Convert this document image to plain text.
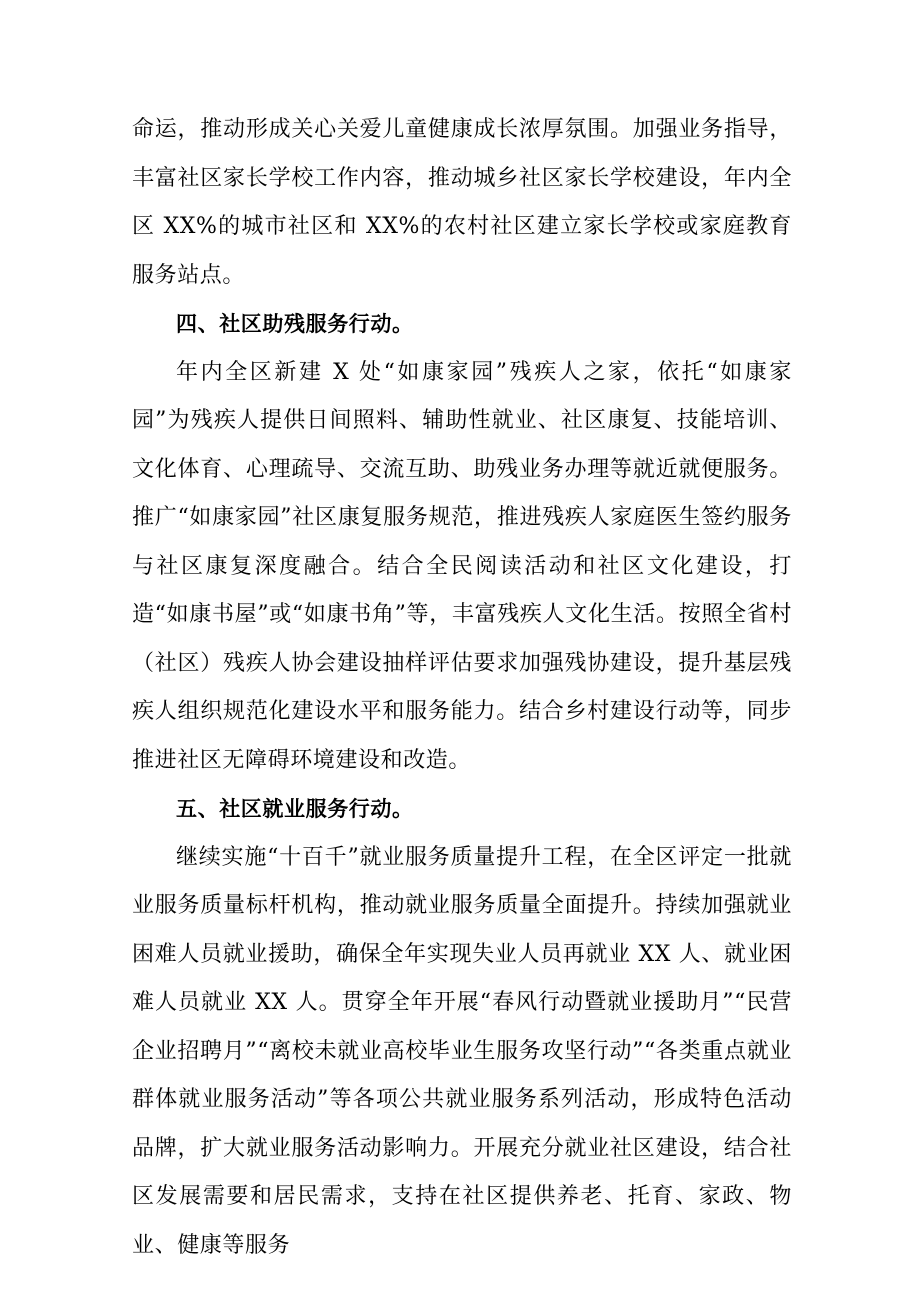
命运，推动形成关心关爱儿童健康成长浓厚氛围。加强业务指导，丰富社区家长学校工作内容，推动城乡社区家长学校建设，年内全区 XX%的城市社区和 XX%的农村社区建立家长学校或家庭教育服务站点。

四、社区助残服务行动。

年内全区新建 X 处“如康家园”残疾人之家，依托“如康家园”为残疾人提供日间照料、辅助性就业、社区康复、技能培训、文化体育、心理疏导、交流互助、助残业务办理等就近就便服务。推广“如康家园”社区康复服务规范，推进残疾人家庭医生签约服务与社区康复深度融合。结合全民阅读活动和社区文化建设，打造“如康书屋”或“如康书角”等，丰富残疾人文化生活。按照全省村（社区）残疾人协会建设抽样评估要求加强残协建设，提升基层残疾人组织规范化建设水平和服务能力。结合乡村建设行动等，同步推进社区无障碍环境建设和改造。

五、社区就业服务行动。

继续实施“十百千”就业服务质量提升工程，在全区评定一批就业服务质量标杆机构，推动就业服务质量全面提升。持续加强就业困难人员就业援助，确保全年实现失业人员再就业 XX 人、就业困难人员就业 XX 人。贯穿全年开展“春风行动暨就业援助月”“民营企业招聘月”“离校未就业高校毕业生服务攻坚行动”“各类重点就业群体就业服务活动”等各项公共就业服务系列活动，形成特色活动品牌，扩大就业服务活动影响力。开展充分就业社区建设，结合社区发展需要和居民需求，支持在社区提供养老、托育、家政、物业、健康等服务
